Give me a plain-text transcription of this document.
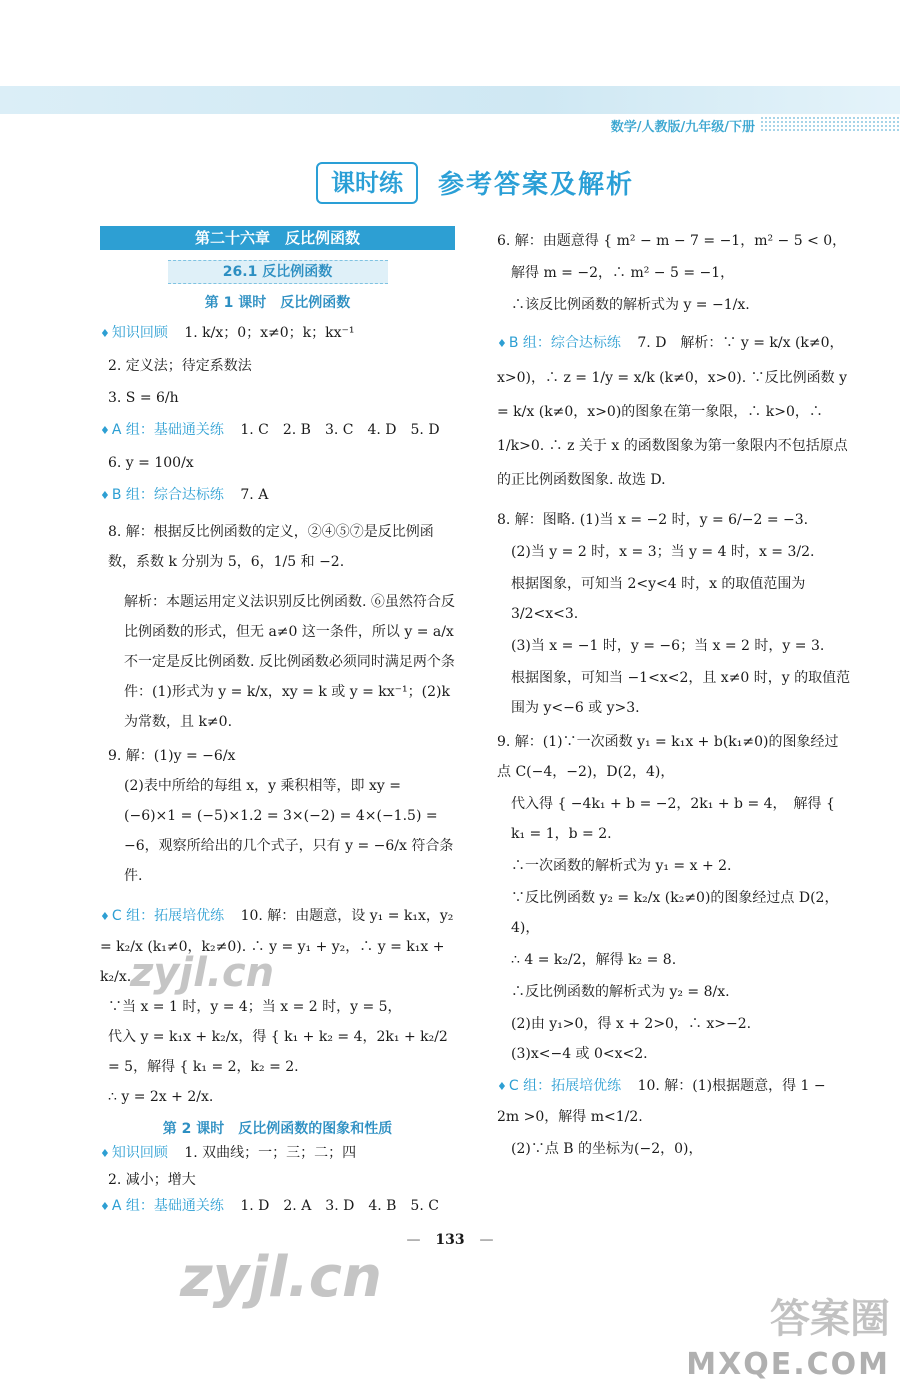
数学/人教版/九年级/下册
课时练	参考答案及解析
第二十六章　反比例函数
26.1 反比例函数
第 1 课时　反比例函数
♦ 知识回顾 1. k/x；0；x≠0；k；kx⁻¹
2. 定义法；待定系数法
3. S = 6/h
♦ A 组：基础通关练 1. C　2. B　3. C　4. D　5. D
6. y = 100/x
♦ B 组：综合达标练 7. A
8. 解：根据反比例函数的定义，②④⑤⑦是反比例函数，系数 k 分别为 5，6，1/5 和 −2.
解析：本题运用定义法识别反比例函数. ⑥虽然符合反比例函数的形式，但无 a≠0 这一条件，所以 y = a/x 不一定是反比例函数. 反比例函数必须同时满足两个条件：(1)形式为 y = k/x，xy = k 或 y = kx⁻¹；(2)k 为常数，且 k≠0.
9. 解：(1)y = −6/x
(2)表中所给的每组 x，y 乘积相等，即 xy = (−6)×1 = (−5)×1.2 = 3×(−2) = 4×(−1.5) = −6，观察所给出的几个式子，只有 y = −6/x 符合条件.
♦ C 组：拓展培优练 10. 解：由题意，设 y₁ = k₁x，y₂ = k₂/x (k₁≠0，k₂≠0). ∴ y = y₁ + y₂，∴ y = k₁x + k₂/x.
∵当 x = 1 时，y = 4；当 x = 2 时，y = 5，
代入 y = k₁x + k₂/x，得 { k₁ + k₂ = 4，2k₁ + k₂/2 = 5，解得 { k₁ = 2，k₂ = 2.
∴ y = 2x + 2/x.
第 2 课时　反比例函数的图象和性质
♦ 知识回顾 1. 双曲线；一；三；二；四
2. 减小；增大
♦ A 组：基础通关练 1. D　2. A　3. D　4. B　5. C
6. 解：由题意得 { m² − m − 7 = −1，m² − 5 < 0，
解得 m = −2，∴ m² − 5 = −1，
∴该反比例函数的解析式为 y = −1/x.
♦ B 组：综合达标练 7. D　解析：∵ y = k/x (k≠0，x>0)，∴ z = 1/y = x/k (k≠0，x>0). ∵反比例函数 y = k/x (k≠0，x>0)的图象在第一象限，∴ k>0，∴ 1/k>0. ∴ z 关于 x 的函数图象为第一象限内不包括原点的正比例函数图象. 故选 D.
8. 解：图略. (1)当 x = −2 时，y = 6/−2 = −3.
(2)当 y = 2 时，x = 3；当 y = 4 时，x = 3/2.
根据图象，可知当 2<y<4 时，x 的取值范围为 3/2<x<3.
(3)当 x = −1 时，y = −6；当 x = 2 时，y = 3.
根据图象，可知当 −1<x<2，且 x≠0 时，y 的取值范围为 y<−6 或 y>3.
9. 解：(1)∵一次函数 y₁ = k₁x + b(k₁≠0)的图象经过点 C(−4，−2)，D(2，4)，
代入得 { −4k₁ + b = −2，2k₁ + b = 4，　解得 { k₁ = 1，b = 2.
∴一次函数的解析式为 y₁ = x + 2.
∵反比例函数 y₂ = k₂/x (k₂≠0)的图象经过点 D(2，4)，
∴ 4 = k₂/2，解得 k₂ = 8.
∴反比例函数的解析式为 y₂ = 8/x.
(2)由 y₁>0，得 x + 2>0，∴ x>−2.
(3)x<−4 或 0<x<2.
♦ C 组：拓展培优练 10. 解：(1)根据题意，得 1 − 2m >0，解得 m<1/2.
(2)∵点 B 的坐标为(−2，0)，
— 133 —
zyjl.cn
zyjl.cn
答案圈
MXQE.COM
